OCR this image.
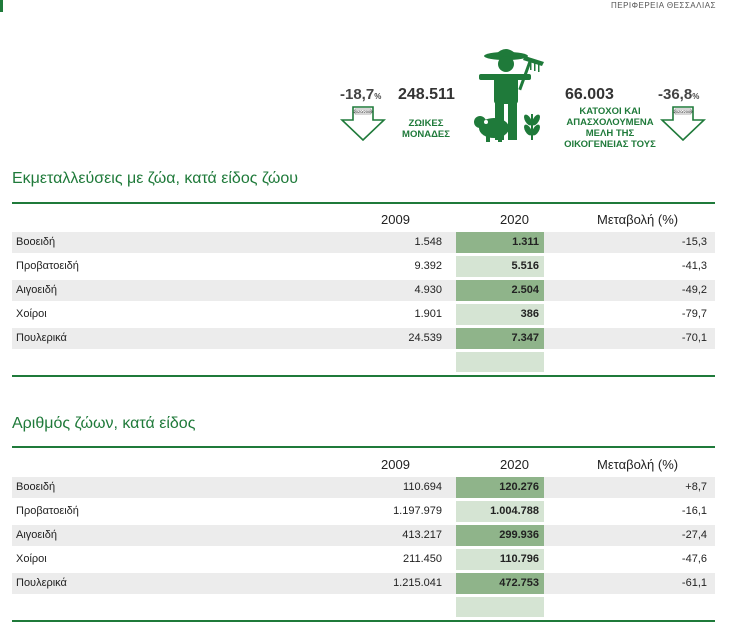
ΠΕΡΙΦΕΡΕΙΑ ΘΕΣΣΑΛΙΑΣ
-18,7%
2020/2009
248.511
ΖΩΙΚΕΣ
ΜΟΝΑΔΕΣ
66.003
ΚΑΤΟΧΟΙ ΚΑΙ
ΑΠΑΣΧΟΛΟΥΜΕΝΑ
ΜΕΛΗ ΤΗΣ
ΟΙΚΟΓΕΝΕΙΑΣ ΤΟΥΣ
-36,8%
2020/2009
Εκμεταλλεύσεις με ζώα, κατά είδος ζώου
2009	2020	Μεταβολή (%)
Βοοειδή	1.548	1.311	-15,3
Προβατοειδή	9.392	5.516	-41,3
Αιγοειδή	4.930	2.504	-49,2
Χοίροι	1.901	386	-79,7
Πουλερικά	24.539	7.347	-70,1
Αριθμός ζώων, κατά είδος
2009	2020	Μεταβολή (%)
Βοοειδή	110.694	120.276	+8,7
Προβατοειδή	1.197.979	1.004.788	-16,1
Αιγοειδή	413.217	299.936	-27,4
Χοίροι	211.450	110.796	-47,6
Πουλερικά	1.215.041	472.753	-61,1
